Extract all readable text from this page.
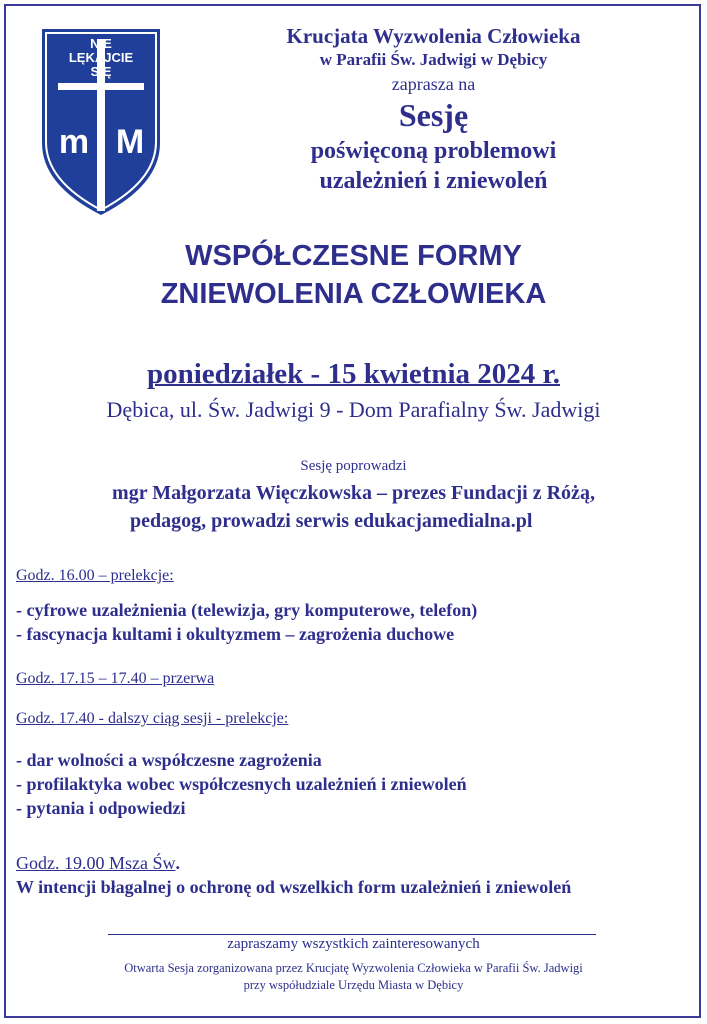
NIE
LĘKAJCIE
SIĘ
m M
Krucjata Wyzwolenia Człowieka
w Parafii Św. Jadwigi w Dębicy
zaprasza na
Sesję
poświęconą problemowi
uzależnień i zniewoleń
WSPÓŁCZESNE FORMY
ZNIEWOLENIA CZŁOWIEKA
poniedziałek - 15 kwietnia 2024 r.
Dębica, ul. Św. Jadwigi 9 - Dom Parafialny Św. Jadwigi
Sesję poprowadzi
mgr Małgorzata Więczkowska – prezes Fundacji z Różą,
pedagog, prowadzi serwis edukacjamedialna.pl
Godz. 16.00 – prelekcje:
- cyfrowe uzależnienia (telewizja, gry komputerowe, telefon)
- fascynacja kultami i okultyzmem – zagrożenia duchowe
Godz. 17.15 – 17.40 – przerwa
Godz. 17.40 - dalszy ciąg sesji - prelekcje:
- dar wolności a współczesne zagrożenia
- profilaktyka wobec współczesnych uzależnień i zniewoleń
- pytania i odpowiedzi
Godz. 19.00 Msza Św.
W intencji błagalnej o ochronę od wszelkich form uzależnień i zniewoleń
zapraszamy wszystkich zainteresowanych
Otwarta Sesja zorganizowana przez Krucjatę Wyzwolenia Człowieka w Parafii Św. Jadwigi
przy współudziale Urzędu Miasta w Dębicy
